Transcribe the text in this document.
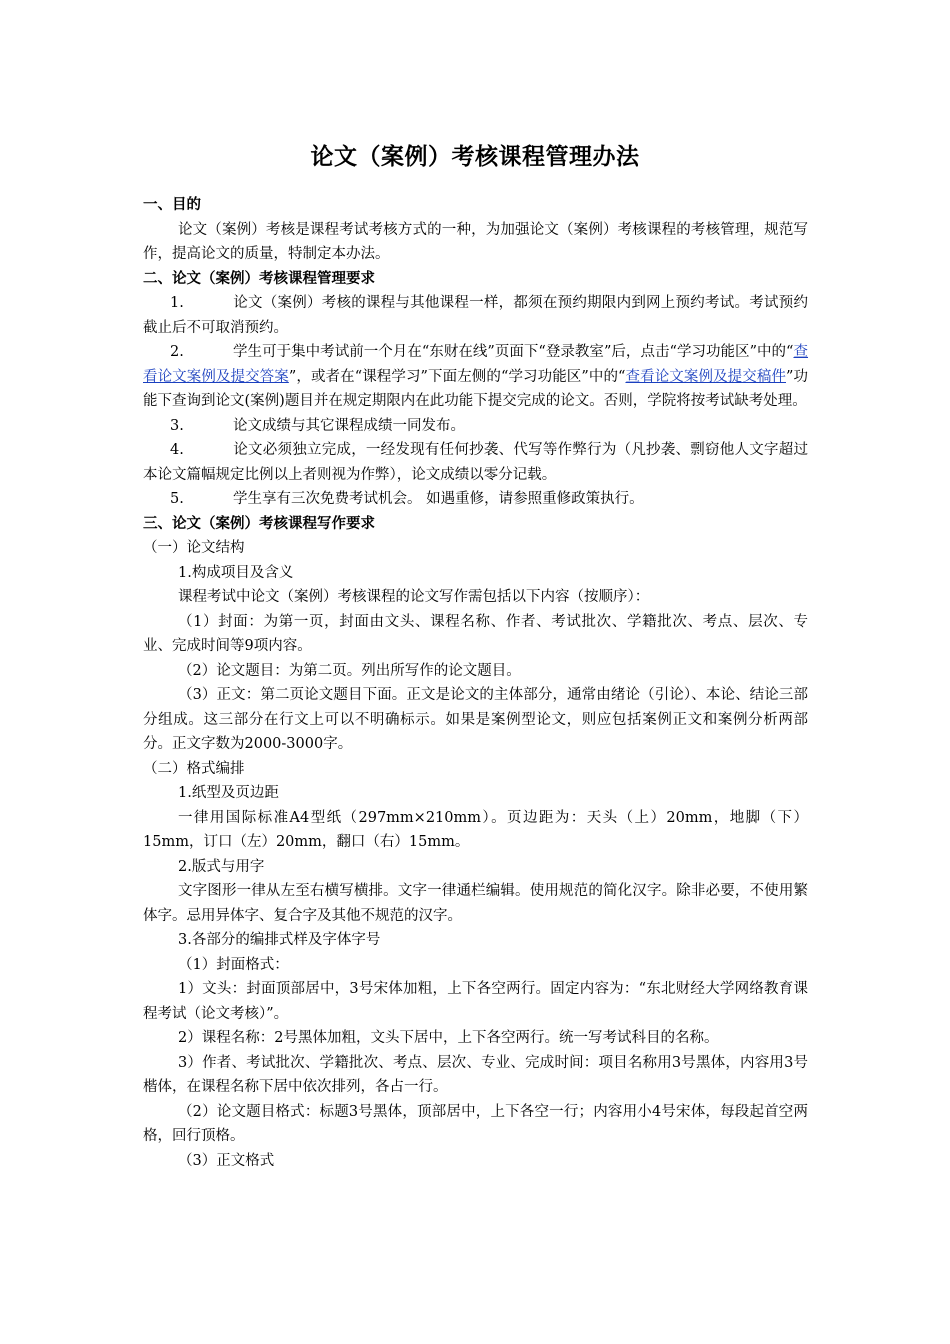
论文（案例）考核课程管理办法

一、目的

论文（案例）考核是课程考试考核方式的一种，为加强论文（案例）考核课程的考核管理，规范写作，提高论文的质量，特制定本办法。

二、论文（案例）考核课程管理要求

1.	论文（案例）考核的课程与其他课程一样，都须在预约期限内到网上预约考试。考试预约截止后不可取消预约。

2.	学生可于集中考试前一个月在“东财在线”页面下“登录教室”后，点击“学习功能区”中的“查看论文案例及提交答案”，或者在“课程学习”下面左侧的“学习功能区”中的“查看论文案例及提交稿件”功能下查询到论文(案例)题目并在规定期限内在此功能下提交完成的论文。否则，学院将按考试缺考处理。

3.	论文成绩与其它课程成绩一同发布。

4.	论文必须独立完成，一经发现有任何抄袭、代写等作弊行为（凡抄袭、剽窃他人文字超过本论文篇幅规定比例以上者则视为作弊），论文成绩以零分记载。

5.	学生享有三次免费考试机会。 如遇重修，请参照重修政策执行。

三、论文（案例）考核课程写作要求

（一）论文结构

1.构成项目及含义

课程考试中论文（案例）考核课程的论文写作需包括以下内容（按顺序）：

（1）封面：为第一页，封面由文头、课程名称、作者、考试批次、学籍批次、考点、层次、专业、完成时间等9项内容。

（2）论文题目：为第二页。列出所写作的论文题目。

（3）正文：第二页论文题目下面。正文是论文的主体部分，通常由绪论（引论）、本论、结论三部分组成。这三部分在行文上可以不明确标示。如果是案例型论文，则应包括案例正文和案例分析两部分。正文字数为2000-3000字。

（二）格式编排

1.纸型及页边距

一律用国际标准A4型纸（297mm×210mm）。页边距为：天头（上）20mm，地脚（下）15mm，订口（左）20mm，翻口（右）15mm。

2.版式与用字

文字图形一律从左至右横写横排。文字一律通栏编辑。使用规范的简化汉字。除非必要，不使用繁体字。忌用异体字、复合字及其他不规范的汉字。

3.各部分的编排式样及字体字号

（1）封面格式：

1）文头：封面顶部居中，3号宋体加粗，上下各空两行。固定内容为：“东北财经大学网络教育课程考试（论文考核）”。

2）课程名称：2号黑体加粗，文头下居中，上下各空两行。统一写考试科目的名称。

3）作者、考试批次、学籍批次、考点、层次、专业、完成时间：项目名称用3号黑体，内容用3号楷体，在课程名称下居中依次排列，各占一行。

（2）论文题目格式：标题3号黑体，顶部居中，上下各空一行；内容用小4号宋体，每段起首空两格，回行顶格。

（3）正文格式
